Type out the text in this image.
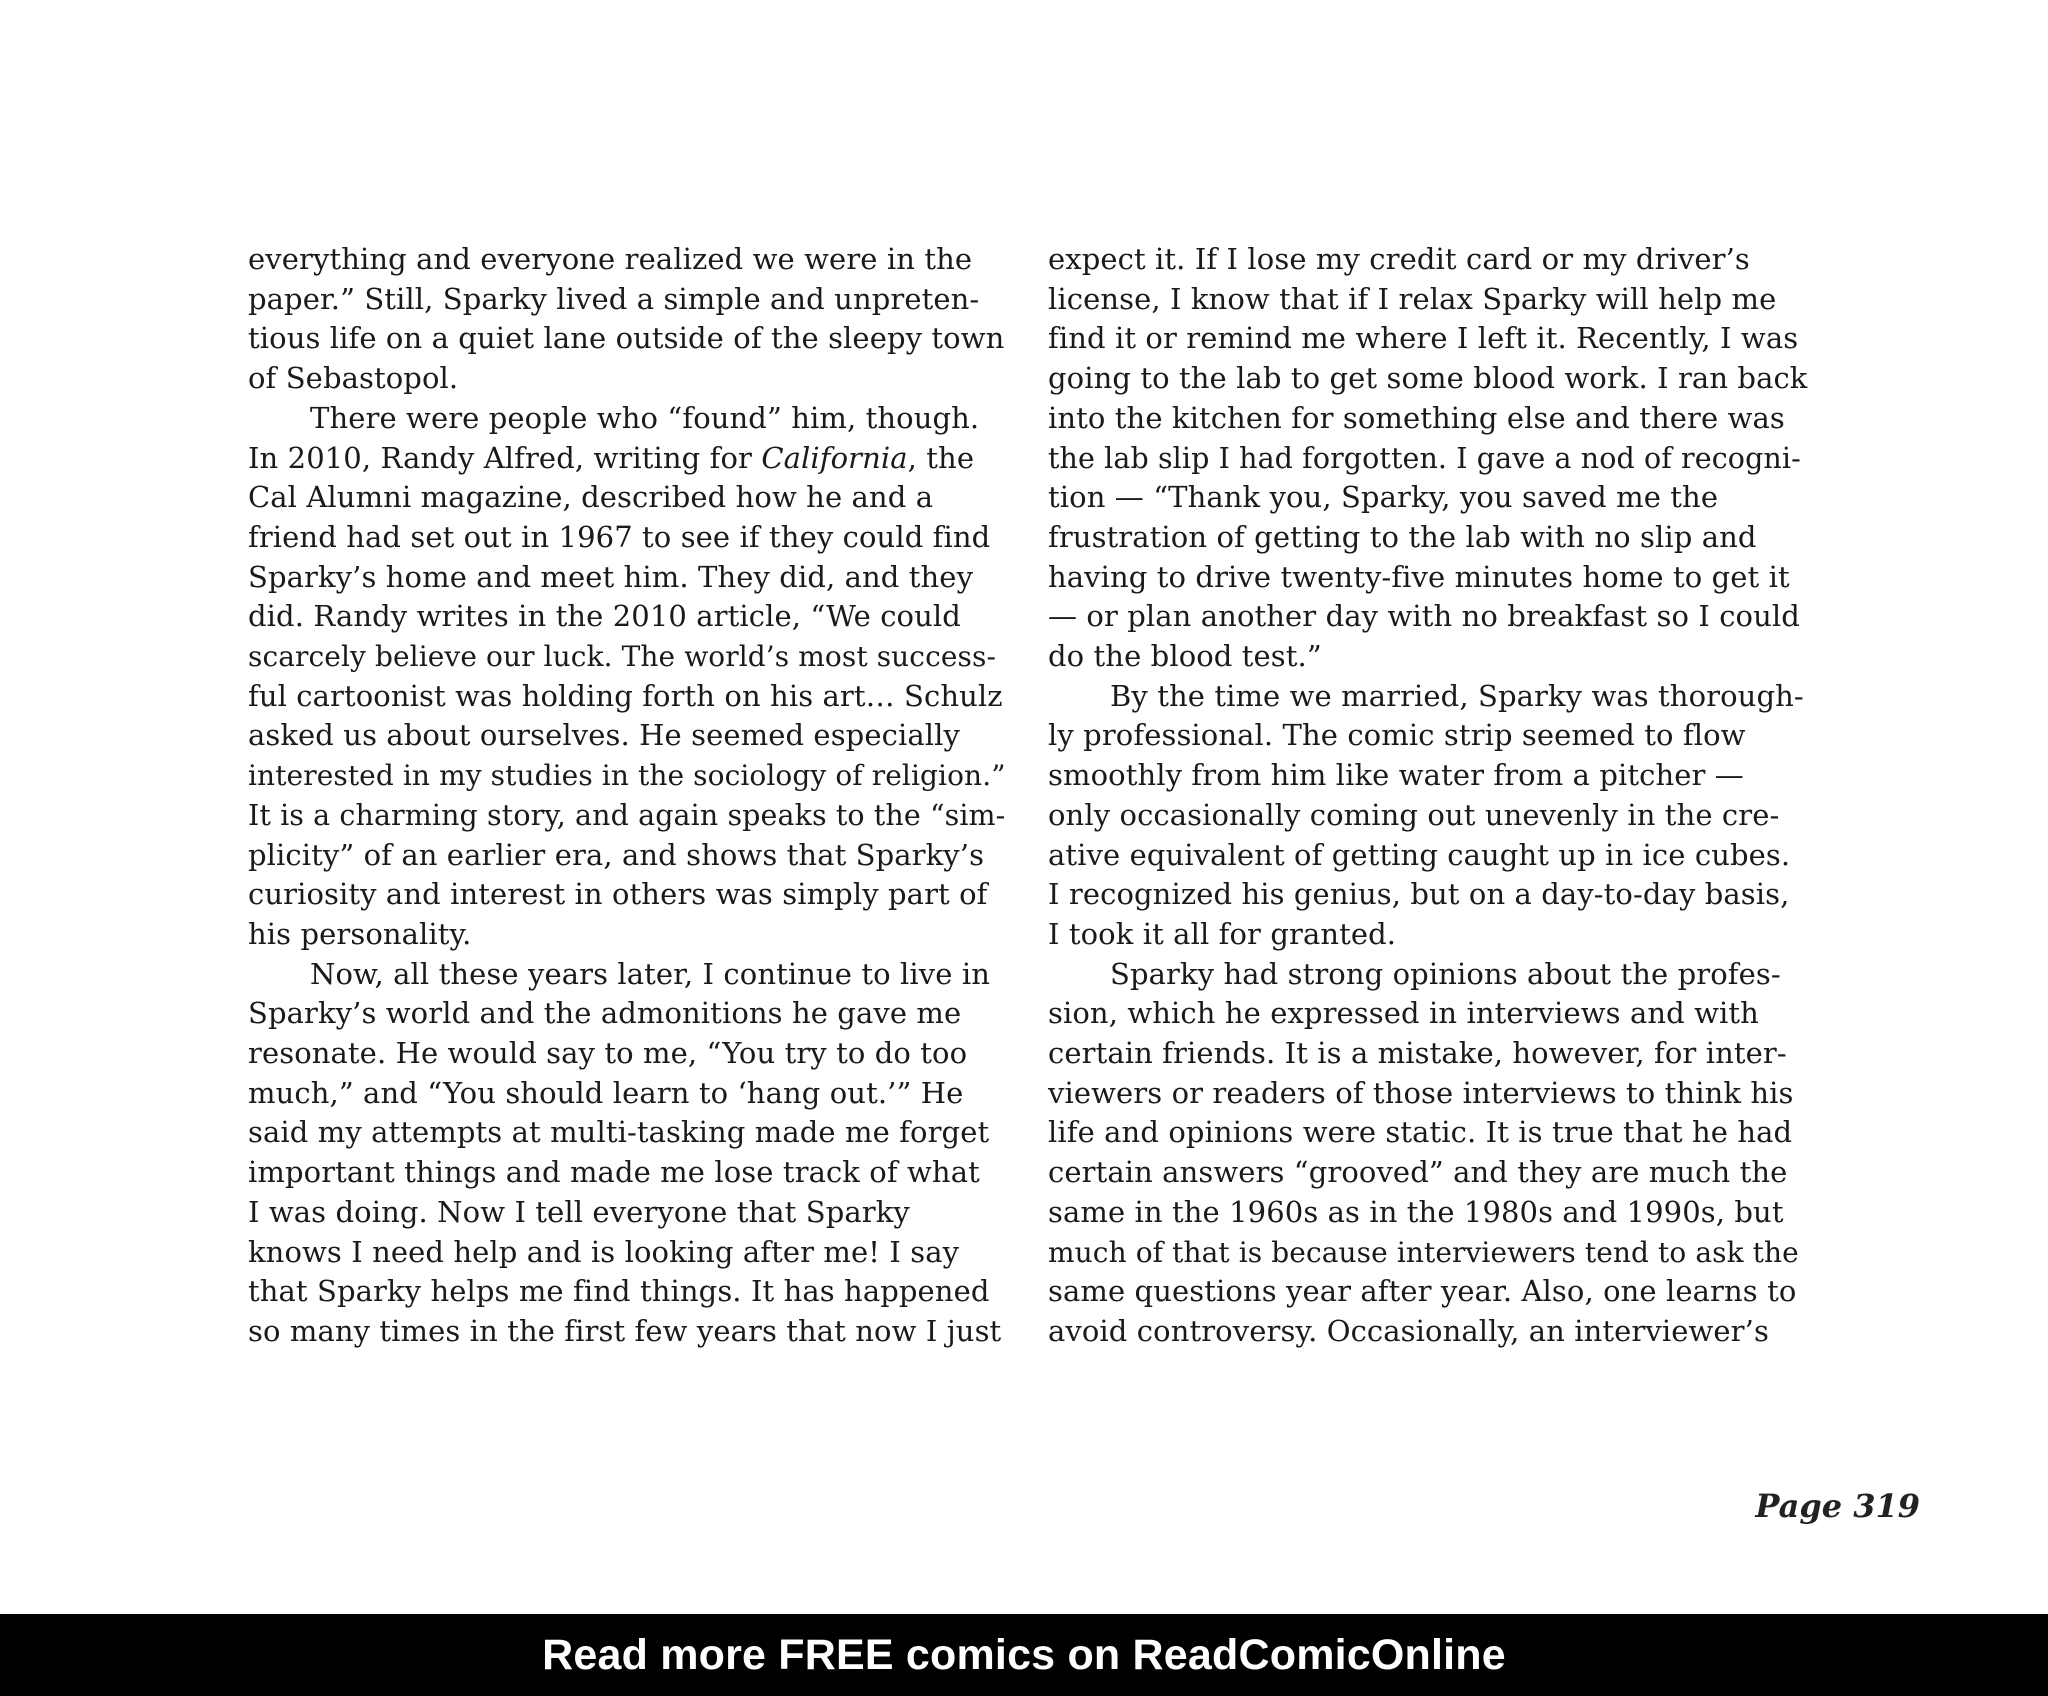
everything and everyone realized we were in the
paper.” Still, Sparky lived a simple and unpreten-
tious life on a quiet lane outside of the sleepy town
of Sebastopol.
There were people who “found” him, though.
In 2010, Randy Alfred, writing for California, the
Cal Alumni magazine, described how he and a
friend had set out in 1967 to see if they could find
Sparky’s home and meet him. They did, and they
did. Randy writes in the 2010 article, “We could
scarcely believe our luck. The world’s most success-
ful cartoonist was holding forth on his art… Schulz
asked us about ourselves. He seemed especially
interested in my studies in the sociology of religion.”
It is a charming story, and again speaks to the “sim-
plicity” of an earlier era, and shows that Sparky’s
curiosity and interest in others was simply part of
his personality.
Now, all these years later, I continue to live in
Sparky’s world and the admonitions he gave me
resonate. He would say to me, “You try to do too
much,” and “You should learn to ‘hang out.’” He
said my attempts at multi-tasking made me forget
important things and made me lose track of what
I was doing. Now I tell everyone that Sparky
knows I need help and is looking after me! I say
that Sparky helps me find things. It has happened
so many times in the first few years that now I just
expect it. If I lose my credit card or my driver’s
license, I know that if I relax Sparky will help me
find it or remind me where I left it. Recently, I was
going to the lab to get some blood work. I ran back
into the kitchen for something else and there was
the lab slip I had forgotten. I gave a nod of recogni-
tion — “Thank you, Sparky, you saved me the
frustration of getting to the lab with no slip and
having to drive twenty-five minutes home to get it
— or plan another day with no breakfast so I could
do the blood test.”
By the time we married, Sparky was thorough-
ly professional. The comic strip seemed to flow
smoothly from him like water from a pitcher —
only occasionally coming out unevenly in the cre-
ative equivalent of getting caught up in ice cubes.
I recognized his genius, but on a day-to-day basis,
I took it all for granted.
Sparky had strong opinions about the profes-
sion, which he expressed in interviews and with
certain friends. It is a mistake, however, for inter-
viewers or readers of those interviews to think his
life and opinions were static. It is true that he had
certain answers “grooved” and they are much the
same in the 1960s as in the 1980s and 1990s, but
much of that is because interviewers tend to ask the
same questions year after year. Also, one learns to
avoid controversy. Occasionally, an interviewer’s
Page 319
Read more FREE comics on ReadComicOnline
